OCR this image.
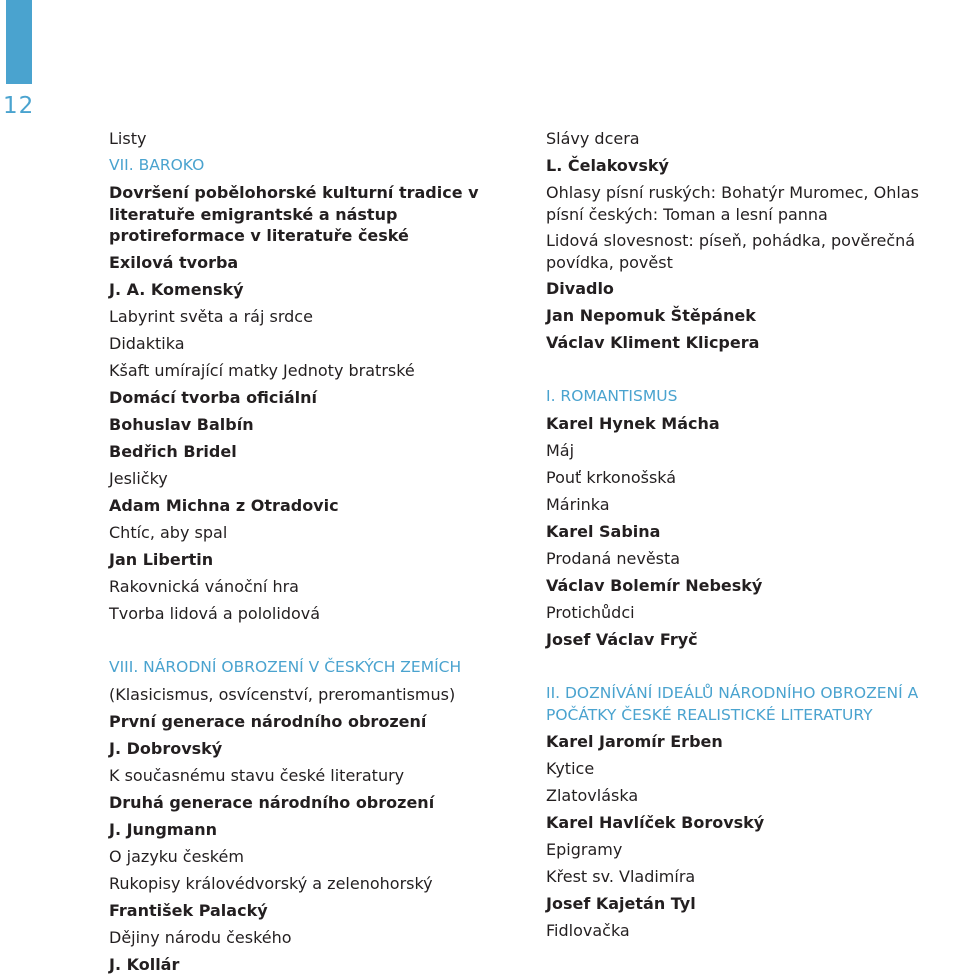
12
Listy
VII. BAROKO
Dovršení pobělohorské kulturní tradice v literatuře emigrantské a nástup protireformace v literatuře české
Exilová tvorba
J. A. Komenský
Labyrint světa a ráj srdce
Didaktika
Kšaft umírající matky Jednoty bratrské
Domácí tvorba oficiální
Bohuslav Balbín
Bedřich Bridel
Jesličky
Adam Michna z Otradovic
Chtíc, aby spal
Jan Libertin
Rakovnická vánoční hra
Tvorba lidová a pololidová
VIII. NÁRODNÍ OBROZENÍ V ČESKÝCH ZEMÍCH
(Klasicismus, osvícenství, preromantismus)
První generace národního obrození
J. Dobrovský
K současnému stavu české literatury
Druhá generace národního obrození
J. Jungmann
O jazyku českém
Rukopisy královédvorský a zelenohorský
František Palacký
Dějiny národu českého
J. Kollár
Slávy dcera
L. Čelakovský
Ohlasy písní ruských: Bohatýr Muromec, Ohlas písní českých: Toman a lesní panna
Lidová slovesnost: píseň, pohádka, pověrečná povídka, pověst
Divadlo
Jan Nepomuk Štěpánek
Václav Kliment Klicpera
I. ROMANTISMUS
Karel Hynek Mácha
Máj
Pouť krkonošská
Márinka
Karel Sabina
Prodaná nevěsta
Václav Bolemír Nebeský
Protichůdci
Josef Václav Fryč
II. DOZNÍVÁNÍ IDEÁLŮ NÁRODNÍHO OBROZENÍ A POČÁTKY ČESKÉ REALISTICKÉ LITERATURY
Karel Jaromír Erben
Kytice
Zlatovláska
Karel Havlíček Borovský
Epigramy
Křest sv. Vladimíra
Josef Kajetán Tyl
Fidlovačka
